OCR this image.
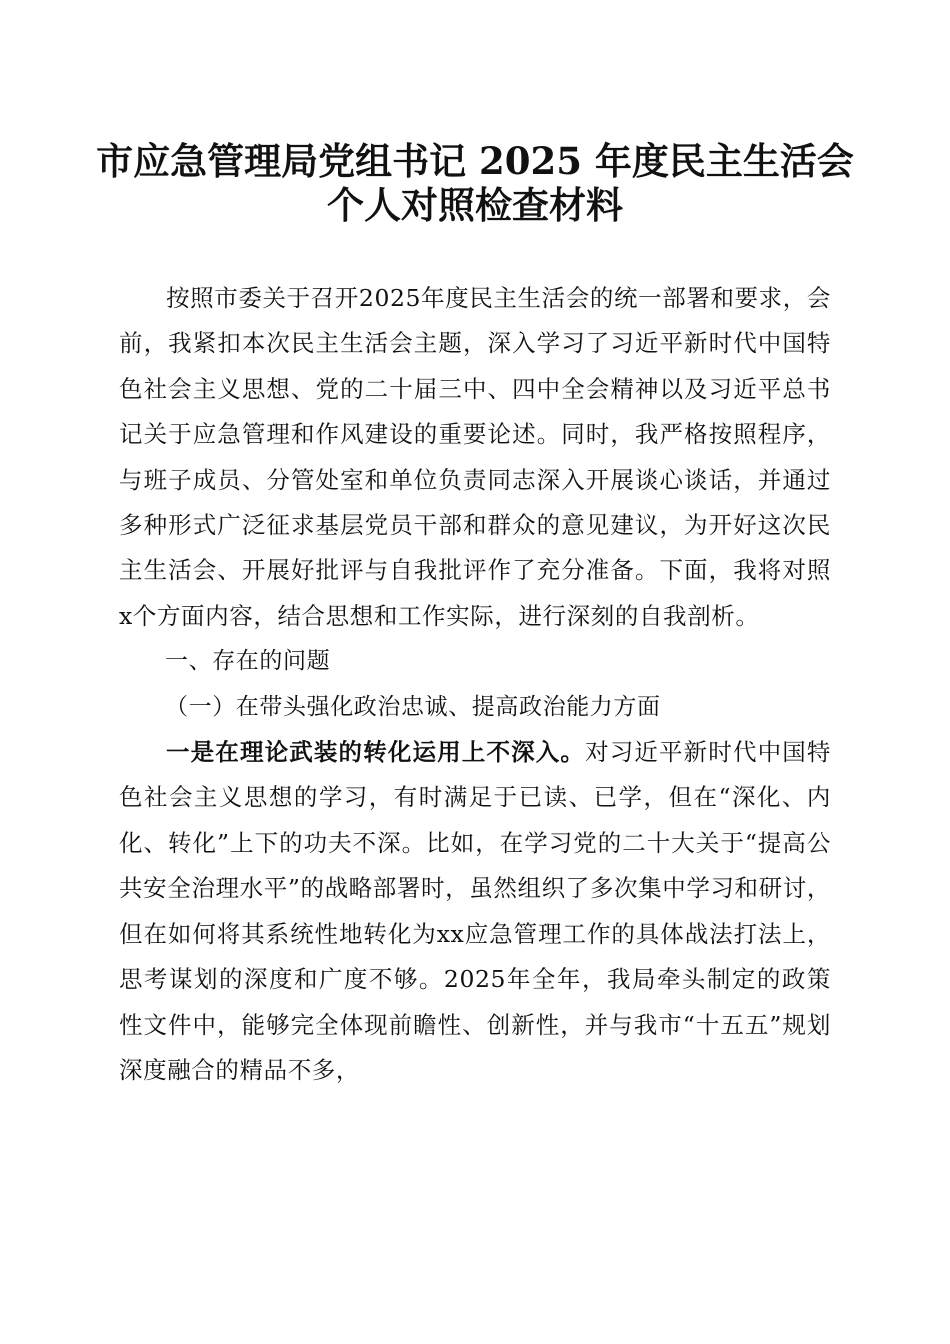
市应急管理局党组书记 2025 年度民主生活会
个人对照检查材料

按照市委关于召开2025年度民主生活会的统一部署和要求，会前，我紧扣本次民主生活会主题，深入学习了习近平新时代中国特色社会主义思想、党的二十届三中、四中全会精神以及习近平总书记关于应急管理和作风建设的重要论述。同时，我严格按照程序，与班子成员、分管处室和单位负责同志深入开展谈心谈话，并通过多种形式广泛征求基层党员干部和群众的意见建议，为开好这次民主生活会、开展好批评与自我批评作了充分准备。下面，我将对照x个方面内容，结合思想和工作实际，进行深刻的自我剖析。

一、存在的问题

（一）在带头强化政治忠诚、提高政治能力方面

一是在理论武装的转化运用上不深入。对习近平新时代中国特色社会主义思想的学习，有时满足于已读、已学，但在“深化、内化、转化”上下的功夫不深。比如，在学习党的二十大关于“提高公共安全治理水平”的战略部署时，虽然组织了多次集中学习和研讨，但在如何将其系统性地转化为xx应急管理工作的具体战法打法上，思考谋划的深度和广度不够。2025年全年，我局牵头制定的政策性文件中，能够完全体现前瞻性、创新性，并与我市“十五五”规划深度融合的精品不多，
